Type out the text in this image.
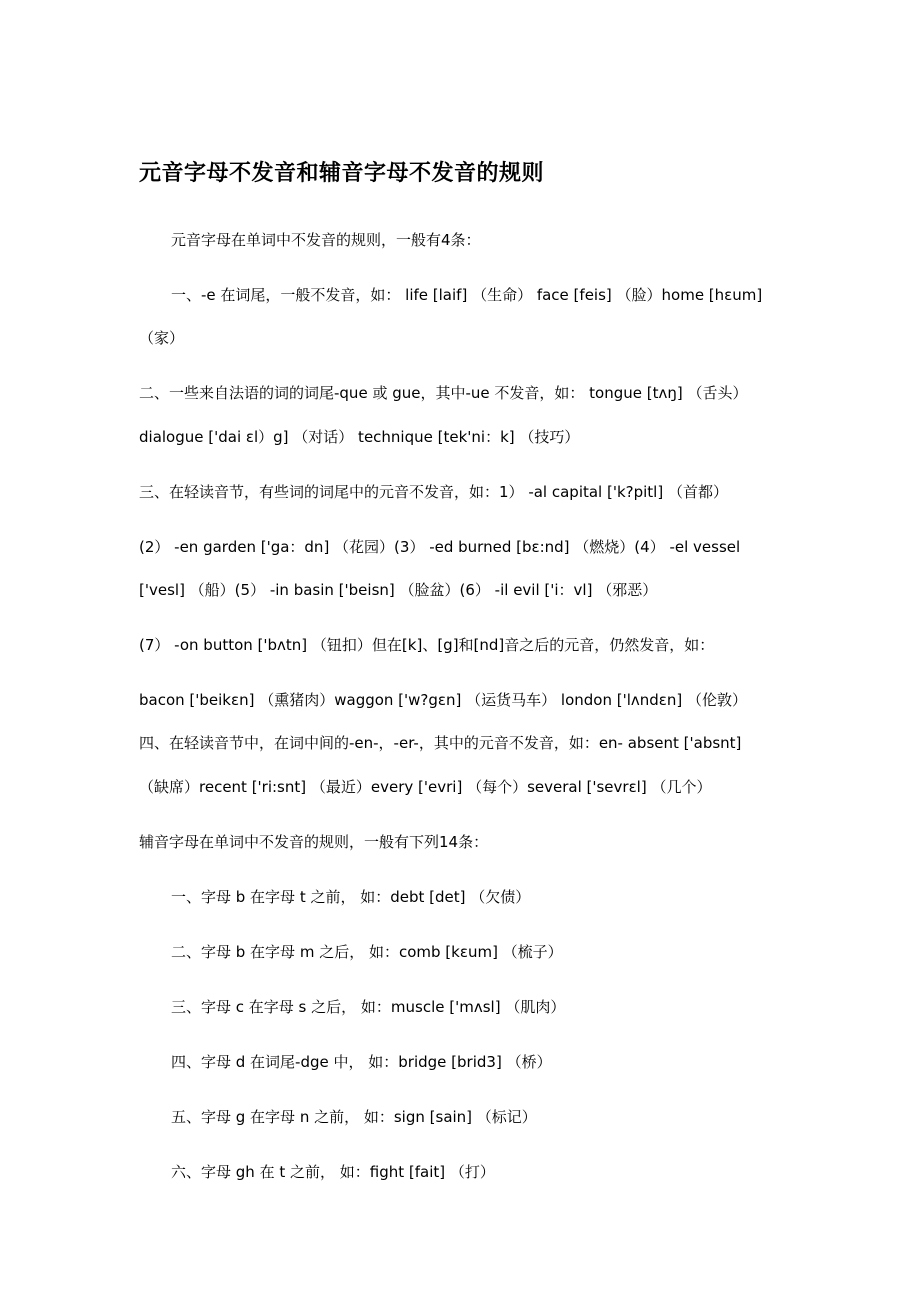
元音字母不发音和辅音字母不发音的规则
元音字母在单词中不发音的规则，一般有4条：
一、-e 在词尾，一般不发音，如： life [laif] （生命） face [feis] （脸）home [hεum]
（家）
二、一些来自法语的词的词尾-que 或 gue，其中-ue 不发音，如： tongue [tʌŋ] （舌头）
dialogue ['dai εl）g] （对话） technique [tek'ni：k] （技巧）
三、在轻读音节，有些词的词尾中的元音不发音，如：1） -al capital ['k?pitl] （首都）
(2） -en garden ['ga：dn] （花园）(3） -ed burned [bε:nd] （燃烧）(4） -el vessel
['vesl] （船）(5） -in basin ['beisn] （脸盆）(6） -il evil ['i：vl] （邪恶）
(7） -on button ['bʌtn] （钮扣）但在[k]、[g]和[nd]音之后的元音，仍然发音，如：
bacon ['beikεn] （熏猪肉）waggon ['w?gεn] （运货马车） london ['lʌndεn] （伦敦）
四、在轻读音节中，在词中间的-en-，-er-，其中的元音不发音，如：en- absent ['absnt]
（缺席）recent ['ri:snt] （最近）every ['evri] （每个）several ['sevrεl] （几个）
辅音字母在单词中不发音的规则，一般有下列14条：
一、字母 b 在字母 t 之前， 如：debt [det] （欠债）
二、字母 b 在字母 m 之后， 如：comb [kεum] （梳子）
三、字母 c 在字母 s 之后， 如：muscle ['mʌsl] （肌肉）
四、字母 d 在词尾-dge 中， 如：bridge [brid3] （桥）
五、字母 g 在字母 n 之前， 如：sign [sain] （标记）
六、字母 gh 在 t 之前， 如：fight [fait] （打）
